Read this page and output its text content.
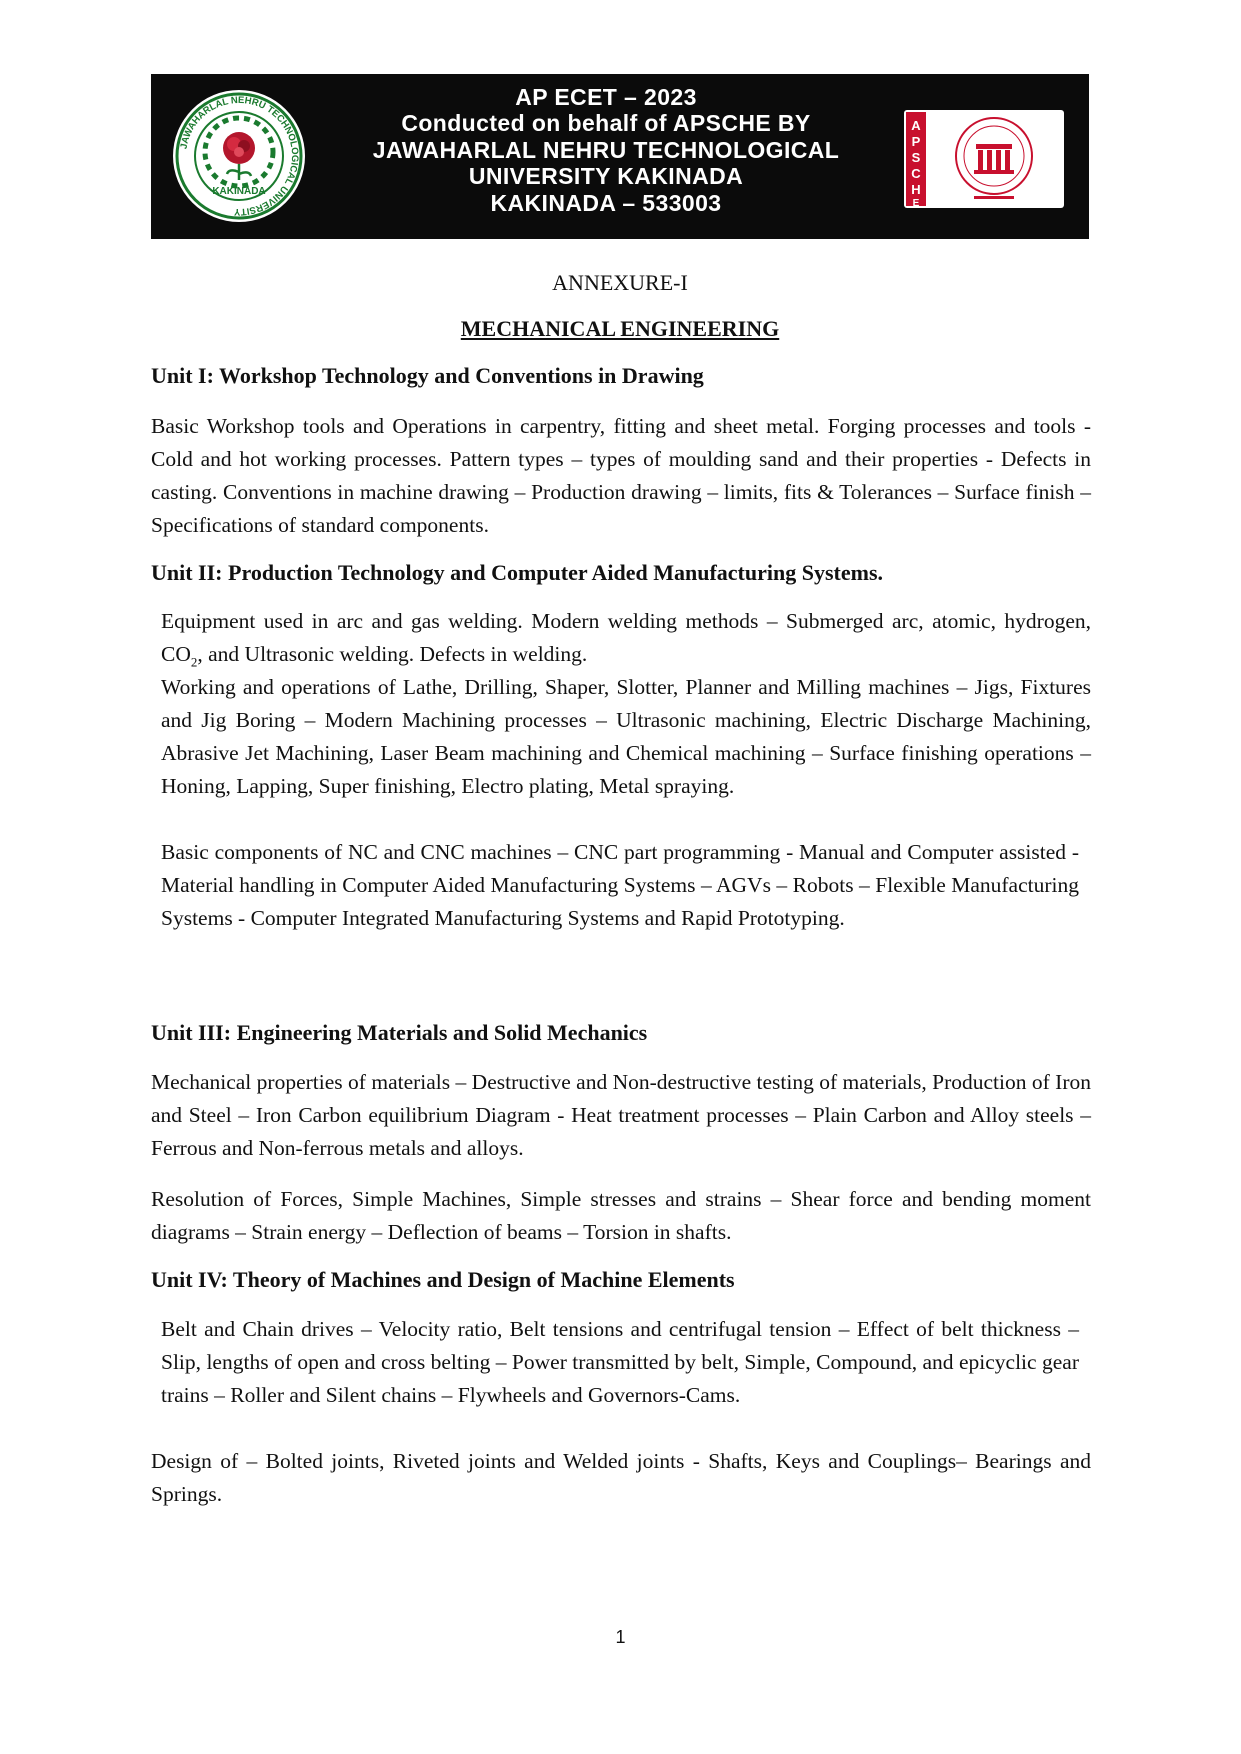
JAWAHARLAL NEHRU TECHNOLOGICAL UNIVERSITY
KAKINADA
AP ECET – 2023
Conducted on behalf of APSCHE BY
JAWAHARLAL NEHRU TECHNOLOGICAL
UNIVERSITY KAKINADA
KAKINADA – 533003
A
P
S
C
H
E
ANNEXURE-I
MECHANICAL ENGINEERING
Unit I: Workshop Technology and Conventions in Drawing
Basic Workshop tools and Operations in carpentry, fitting and sheet metal. Forging processes and tools - Cold and hot working processes. Pattern types – types of moulding sand and their properties - Defects in casting. Conventions in machine drawing – Production drawing – limits, fits & Tolerances – Surface finish – Specifications of standard components.
Unit II: Production Technology and Computer Aided Manufacturing Systems.
Equipment used in arc and gas welding. Modern welding methods – Submerged arc, atomic, hydrogen, $CO_2$, and Ultrasonic welding. Defects in welding.
Working and operations of Lathe, Drilling, Shaper, Slotter, Planner and Milling machines – Jigs, Fixtures and Jig Boring – Modern Machining processes – Ultrasonic machining, Electric Discharge Machining, Abrasive Jet Machining, Laser Beam machining and Chemical machining – Surface finishing operations – Honing, Lapping, Super finishing, Electro plating, Metal spraying.
Basic components of NC and CNC machines – CNC part programming - Manual and Computer assisted - Material handling in Computer Aided Manufacturing Systems – AGVs – Robots – Flexible Manufacturing Systems - Computer Integrated Manufacturing Systems and Rapid Prototyping.
Unit III: Engineering Materials and Solid Mechanics
Mechanical properties of materials – Destructive and Non-destructive testing of materials, Production of Iron and Steel – Iron Carbon equilibrium Diagram - Heat treatment processes – Plain Carbon and Alloy steels – Ferrous and Non-ferrous metals and alloys.
Resolution of Forces, Simple Machines, Simple stresses and strains – Shear force and bending moment diagrams – Strain energy – Deflection of beams – Torsion in shafts.
Unit IV: Theory of Machines and Design of Machine Elements
Belt and Chain drives – Velocity ratio, Belt tensions and centrifugal tension – Effect of belt thickness – Slip, lengths of open and cross belting – Power transmitted by belt, Simple, Compound, and epicyclic gear trains – Roller and Silent chains – Flywheels and Governors-Cams.
Design of – Bolted joints, Riveted joints and Welded joints - Shafts, Keys and Couplings– Bearings and Springs.
1
